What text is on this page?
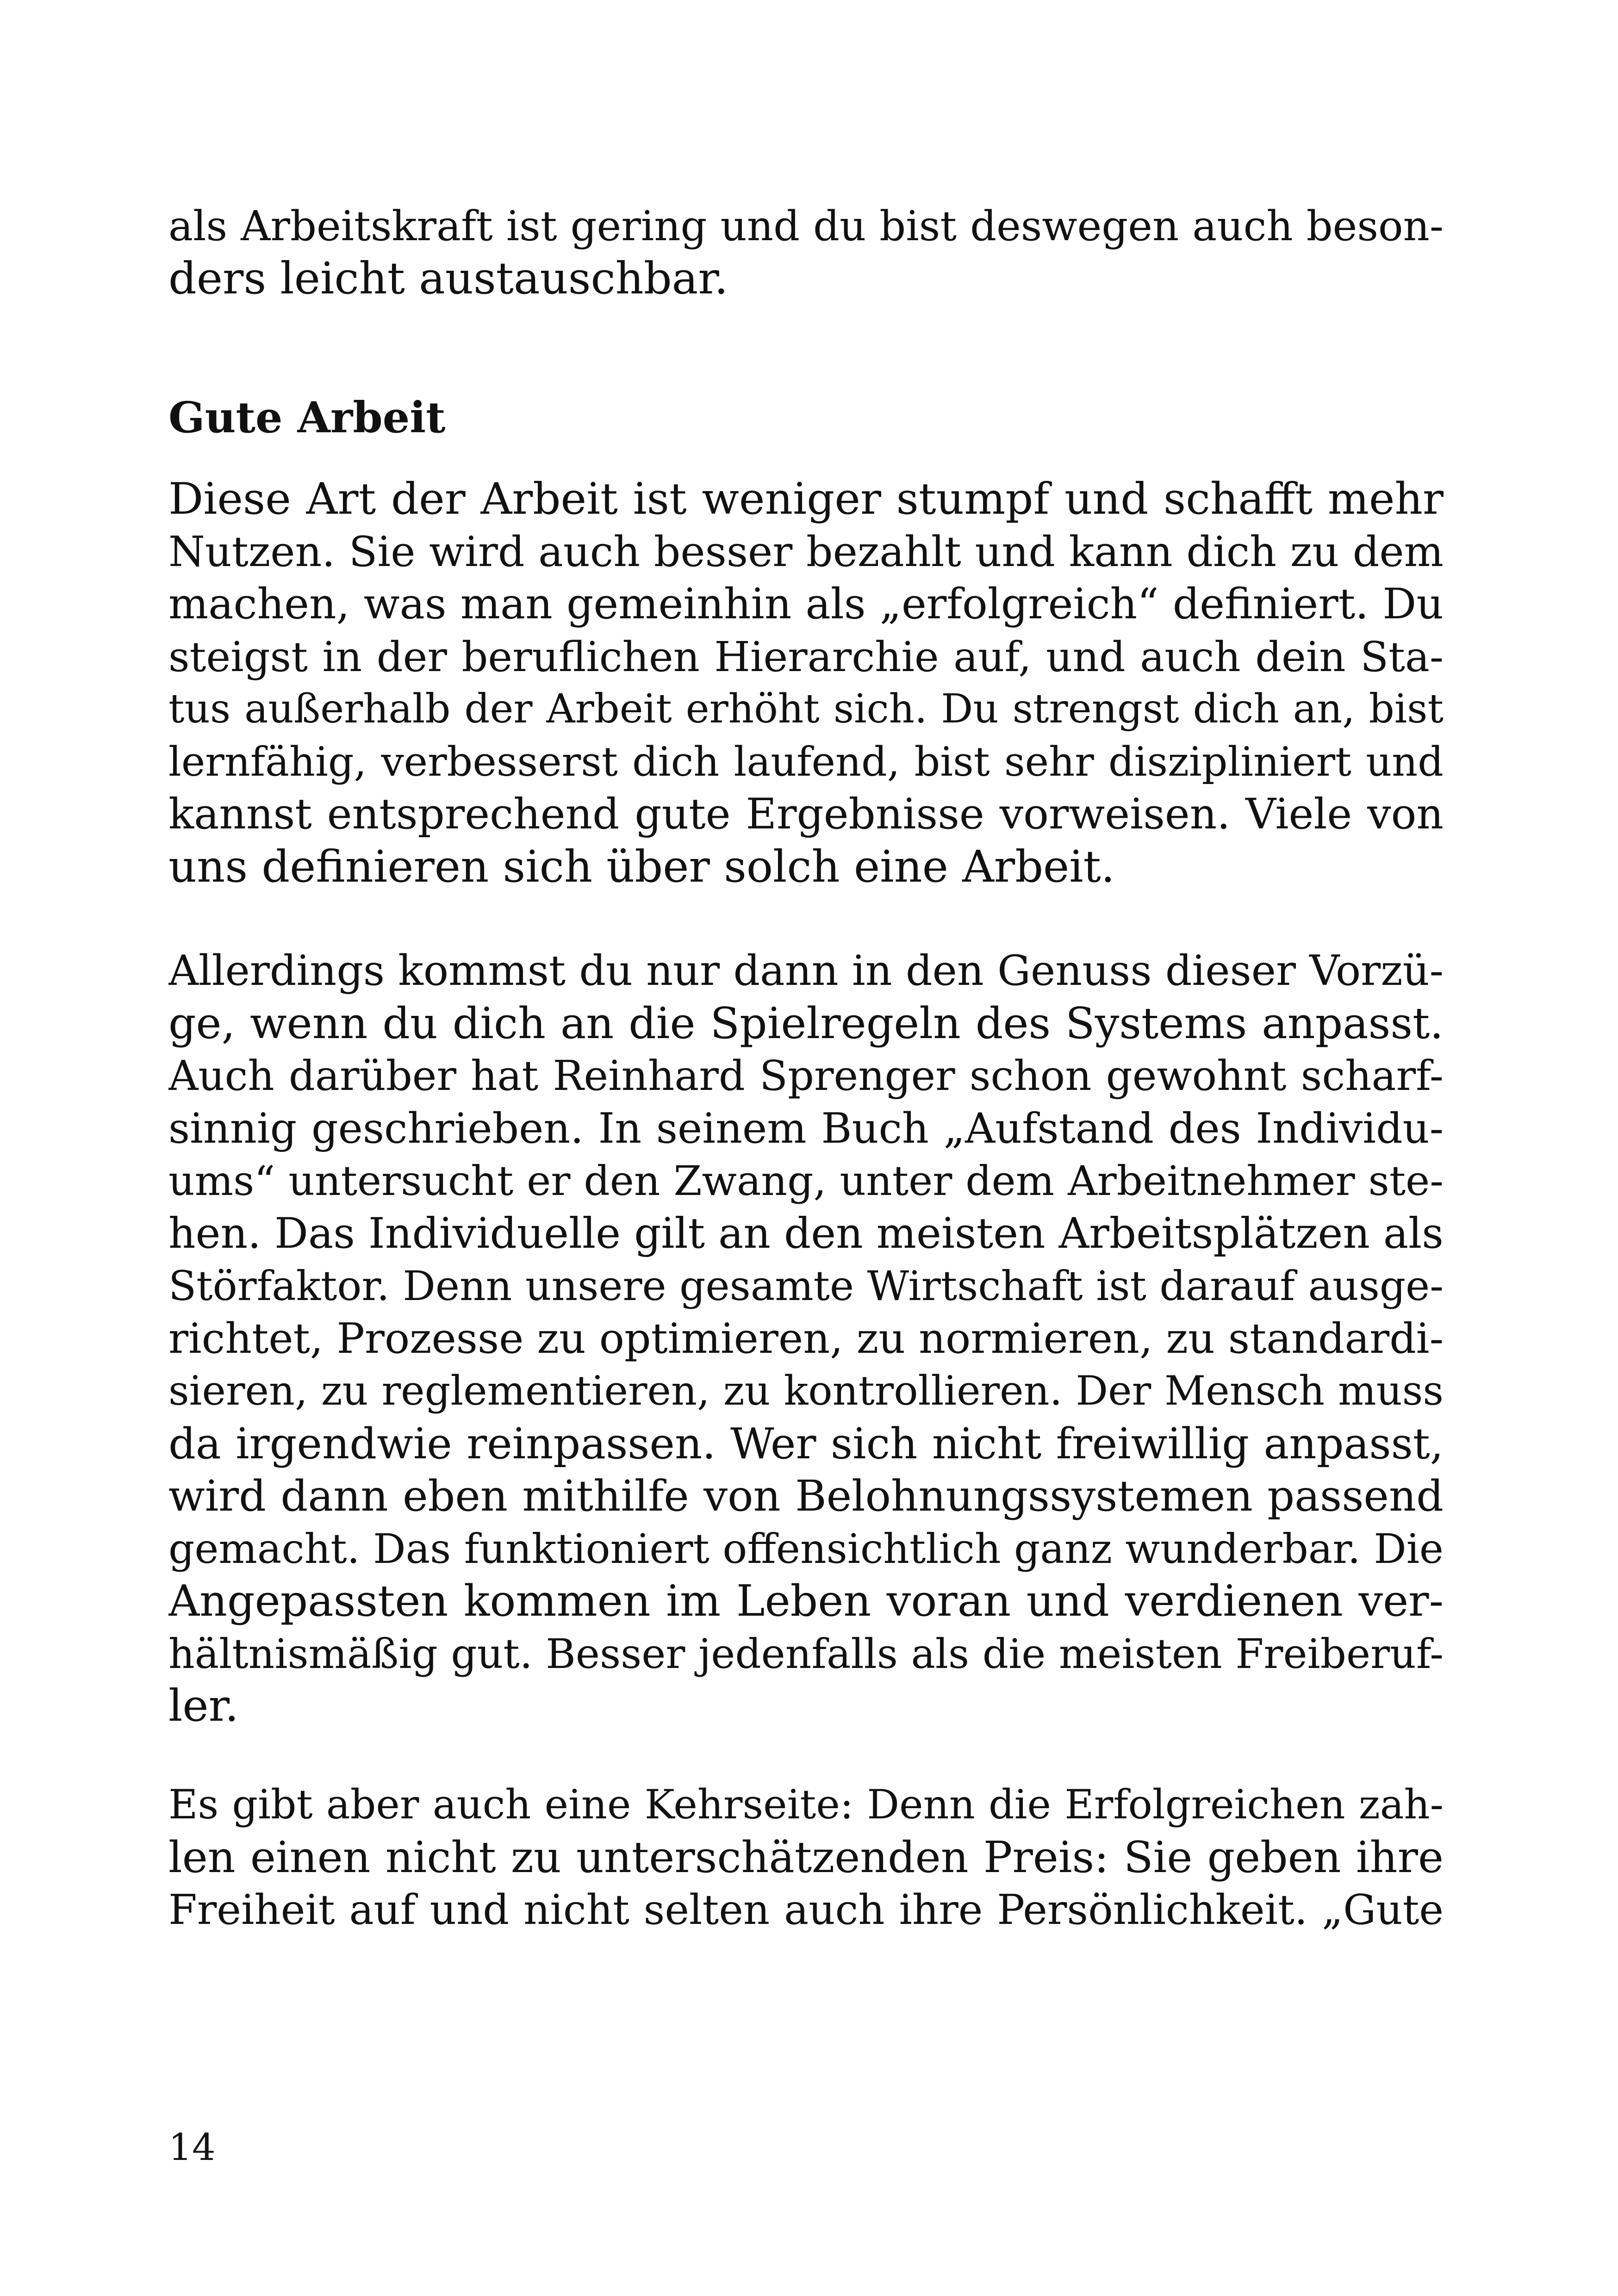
als Arbeitskraft ist gering und du bist deswegen auch beson-
ders leicht austauschbar.
Gute Arbeit
Diese Art der Arbeit ist weniger stumpf und schafft mehr
Nutzen. Sie wird auch besser bezahlt und kann dich zu dem
machen, was man gemeinhin als „erfolgreich“ definiert. Du
steigst in der beruflichen Hierarchie auf, und auch dein Sta-
tus außerhalb der Arbeit erhöht sich. Du strengst dich an, bist
lernfähig, verbesserst dich laufend, bist sehr diszipliniert und
kannst entsprechend gute Ergebnisse vorweisen. Viele von
uns definieren sich über solch eine Arbeit.
Allerdings kommst du nur dann in den Genuss dieser Vorzü-
ge, wenn du dich an die Spielregeln des Systems anpasst.
Auch darüber hat Reinhard Sprenger schon gewohnt scharf-
sinnig geschrieben. In seinem Buch „Aufstand des Individu-
ums“ untersucht er den Zwang, unter dem Arbeitnehmer ste-
hen. Das Individuelle gilt an den meisten Arbeitsplätzen als
Störfaktor. Denn unsere gesamte Wirtschaft ist darauf ausge-
richtet, Prozesse zu optimieren, zu normieren, zu standardi-
sieren, zu reglementieren, zu kontrollieren. Der Mensch muss
da irgendwie reinpassen. Wer sich nicht freiwillig anpasst,
wird dann eben mithilfe von Belohnungssystemen passend
gemacht. Das funktioniert offensichtlich ganz wunderbar. Die
Angepassten kommen im Leben voran und verdienen ver-
hältnismäßig gut. Besser jedenfalls als die meisten Freiberuf-
ler.
Es gibt aber auch eine Kehrseite: Denn die Erfolgreichen zah-
len einen nicht zu unterschätzenden Preis: Sie geben ihre
Freiheit auf und nicht selten auch ihre Persönlichkeit. „Gute
14
